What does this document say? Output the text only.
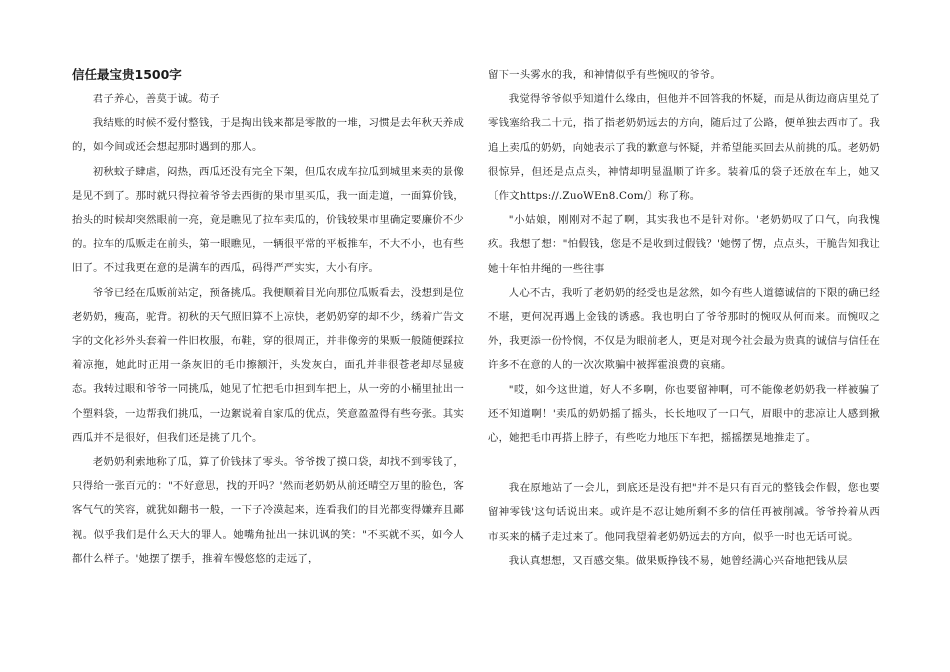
信任最宝贵1500字

君子养心，善莫于诚。荀子

我结账的时候不爱付整钱，于是掏出钱来都是零散的一堆，习惯是去年秋天养成的，如今间或还会想起那时遇到的那人。

初秋蚊子肆虐，闷热，西瓜还没有完全下架，但瓜农成车拉瓜到城里来卖的景像是见不到了。那时就只得拉着爷爷去西街的果市里买瓜，我一面走道，一面算价钱，抬头的时候却突然眼前一亮，竟是瞧见了拉车卖瓜的，价钱较果市里确定要廉价不少的。拉车的瓜贩走在前头，第一眼瞧见，一辆很平常的平板推车，不大不小，也有些旧了。不过我更在意的是满车的西瓜，码得严严实实，大小有序。

爷爷已经在瓜贩前站定，预备挑瓜。我便顺着目光向那位瓜贩看去，没想到是位老奶奶，瘦高，驼背。初秋的天气照旧算不上凉快，老奶奶穿的却不少，绣着广告文字的文化衫外头套着一件旧枚服，布鞋，穿的很周正，并非像旁的果贩一般随便踩拉着凉拖，她此时正用一条灰旧的毛巾擦额汗，头发灰白，面孔并非很苍老却尽显疲态。我转过眼和爷爷一同挑瓜，她见了忙把毛巾担到车把上，从一旁的小桶里扯出一个塑料袋，一边帮我们挑瓜，一边絮说着自家瓜的优点，笑意盈盈得有些夸张。其实西瓜并不是很好，但我们还是挑了几个。

老奶奶利索地称了瓜，算了价钱抹了零头。爷爷拨了摸口袋，却找不到零钱了，只得给一张百元的："不好意思，找的开吗？'然而老奶奶从前还晴空万里的脸色，客客气气的笑容，就犹如翻书一般，一下子冷漠起来，连看我们的目光都变得嫌弃且鄙视。似乎我们是什么天大的罪人。她嘴角扯出一抹讥讽的笑："不买就不买，如今人都什么样子。'她摆了摆手，推着车慢悠悠的走远了，

留下一头雾水的我，和神情似乎有些惋叹的爷爷。

我觉得爷爷似乎知道什么缘由，但他并不回答我的怀疑，而是从街边商店里兑了零钱塞给我二十元，指了指老奶奶远去的方向，随后过了公路，便单独去西市了。我追上卖瓜的奶奶，向她表示了我的歉意与怀疑，并希望能买回去从前挑的瓜。老奶奶很惊异，但还是点点头，神情却明显温顺了许多。装着瓜的袋子还放在车上，她又〔作文https://.ZuoWEn8.Com/〕称了称。

"小姑娘，刚刚对不起了啊，其实我也不是针对你。'老奶奶叹了口气，向我愧疚。我想了想："怕假钱，您是不是收到过假钱？'她愣了愣，点点头，干脆告知我让她十年怕井绳的一些往事

人心不古，我听了老奶奶的经受也是忿然，如今有些人道德诚信的下限的确已经不堪，更何况再遇上金钱的诱惑。我也明白了爷爷那时的惋叹从何而来。而惋叹之外，我更添一份怜悯，不仅是为眼前老人，更是对现今社会最为贵真的诚信与信任在许多不在意的人的一次次欺骗中被挥霍浪费的哀痛。

"哎，如今这世道，好人不多啊，你也要留神啊，可不能像老奶奶我一样被骗了还不知道啊！'卖瓜的奶奶摇了摇头，长长地叹了一口气，眉眼中的悲凉让人感到揪心，她把毛巾再搭上脖子，有些吃力地压下车把，摇摇摆晃地推走了。

我在原地站了一会儿，到底还是没有把"并不是只有百元的整钱会作假，您也要留神零钱'这句话说出来。或许是不忍让她所剩不多的信任再被削减。爷爷拎着从西市买来的橘子走过来了。他同我望着老奶奶远去的方向，似乎一时也无话可说。

我认真想想，又百感交集。做果贩挣钱不易，她曾经满心兴奋地把钱从层
